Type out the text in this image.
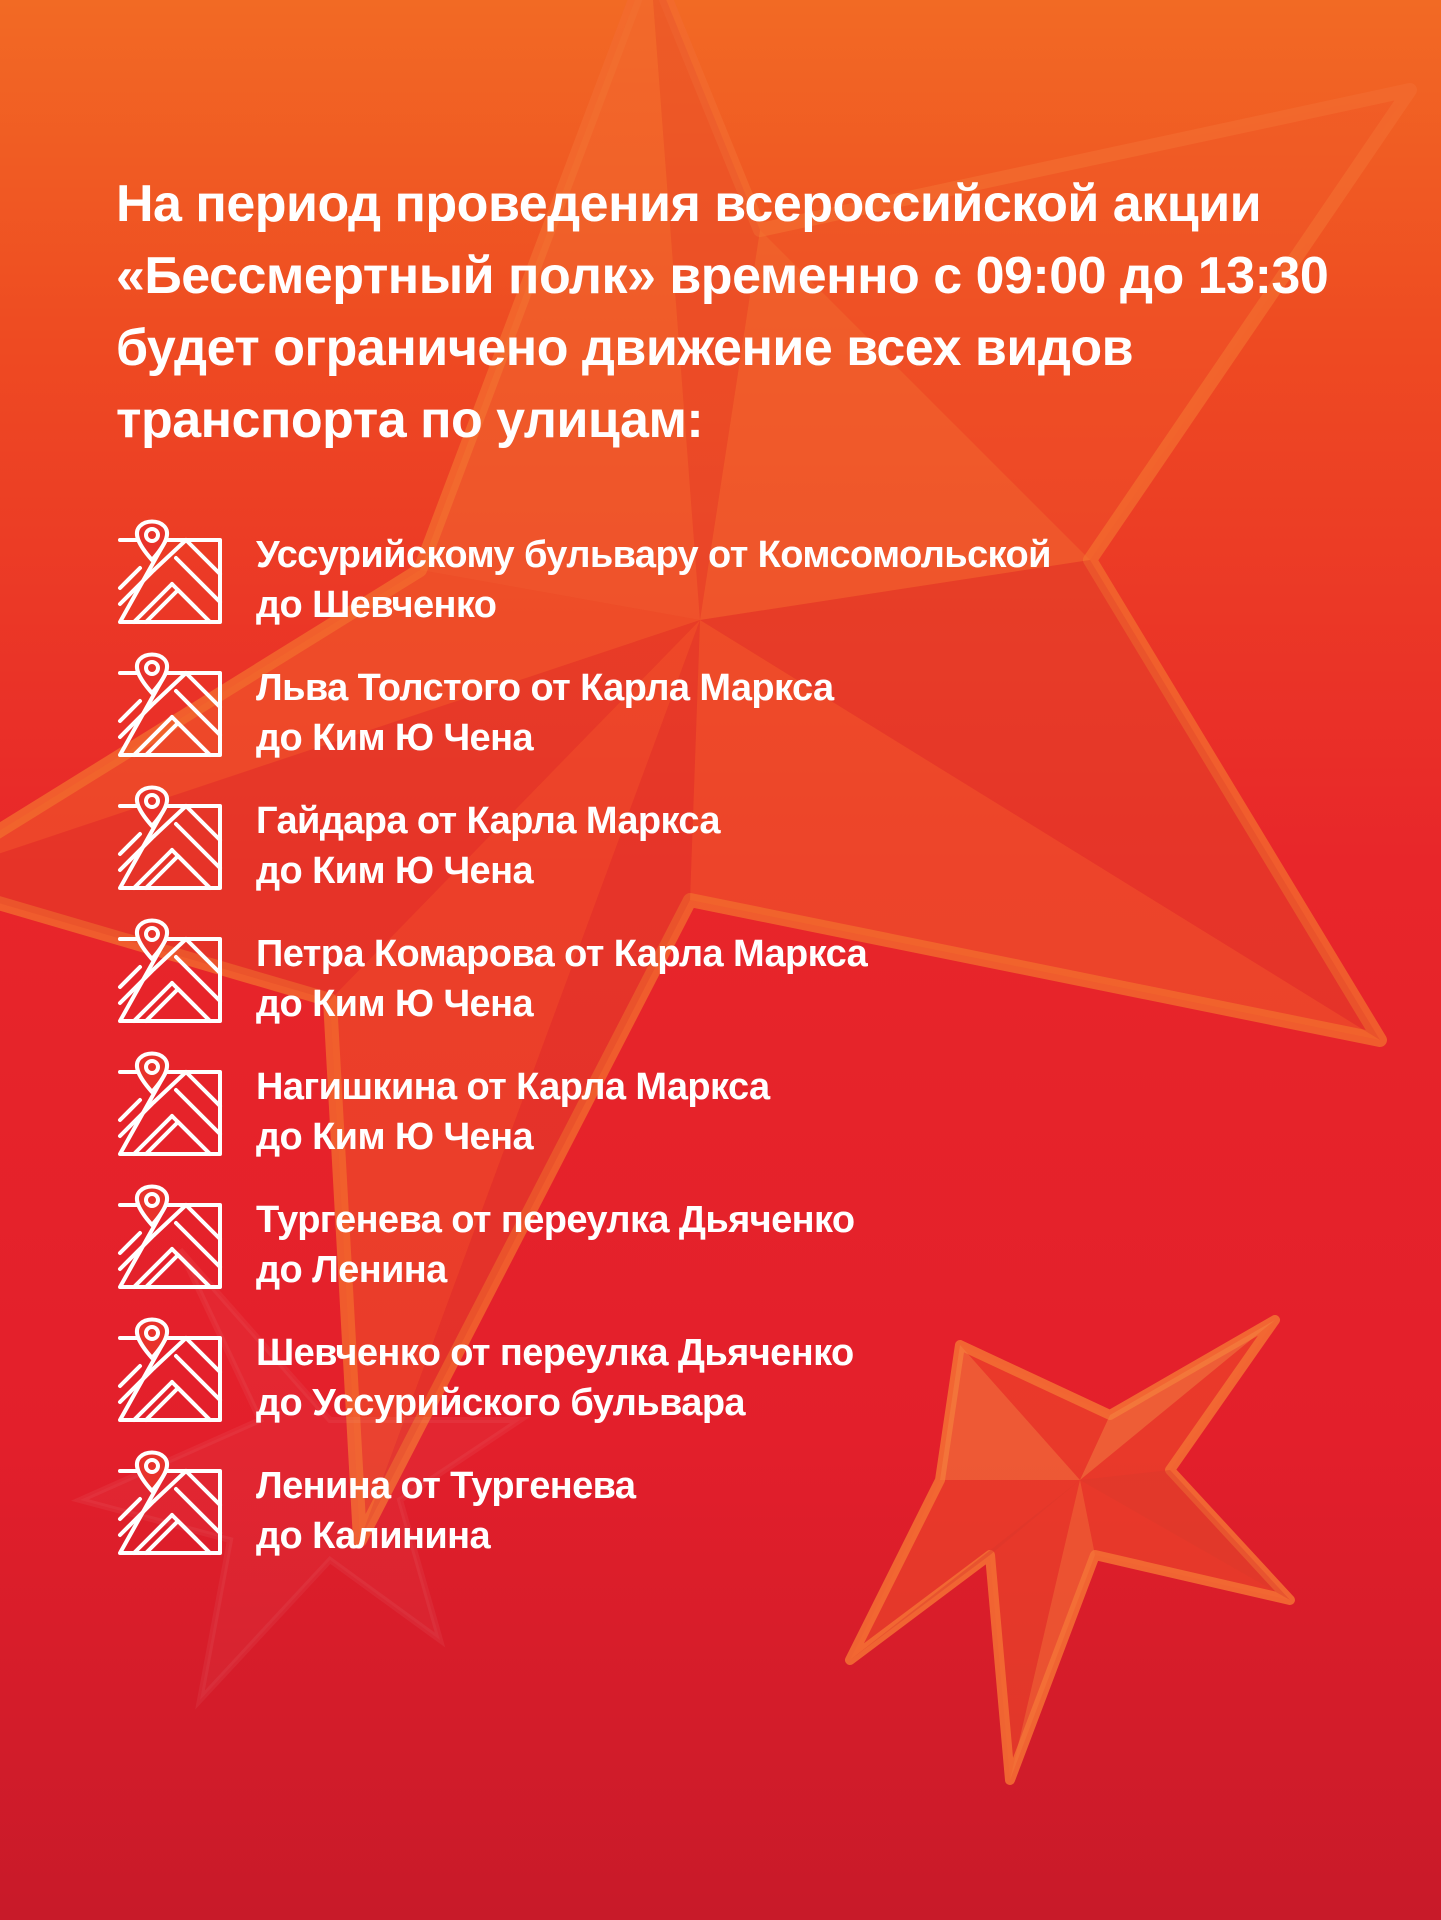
На период проведения всероссийской акции
«Бессмертный полк» временно с 09:00 до 13:30
будет ограничено движение всех видов
транспорта по улицам:
Уссурийскому бульвару от Комсомольской
до Шевченко
Льва Толстого от Карла Маркса
до Ким Ю Чена
Гайдара от Карла Маркса
до Ким Ю Чена
Петра Комарова от Карла Маркса
до Ким Ю Чена
Нагишкина от Карла Маркса
до Ким Ю Чена
Тургенева от переулка Дьяченко
до Ленина
Шевченко от переулка Дьяченко
до Уссурийского бульвара
Ленина от Тургенева
до Калинина
